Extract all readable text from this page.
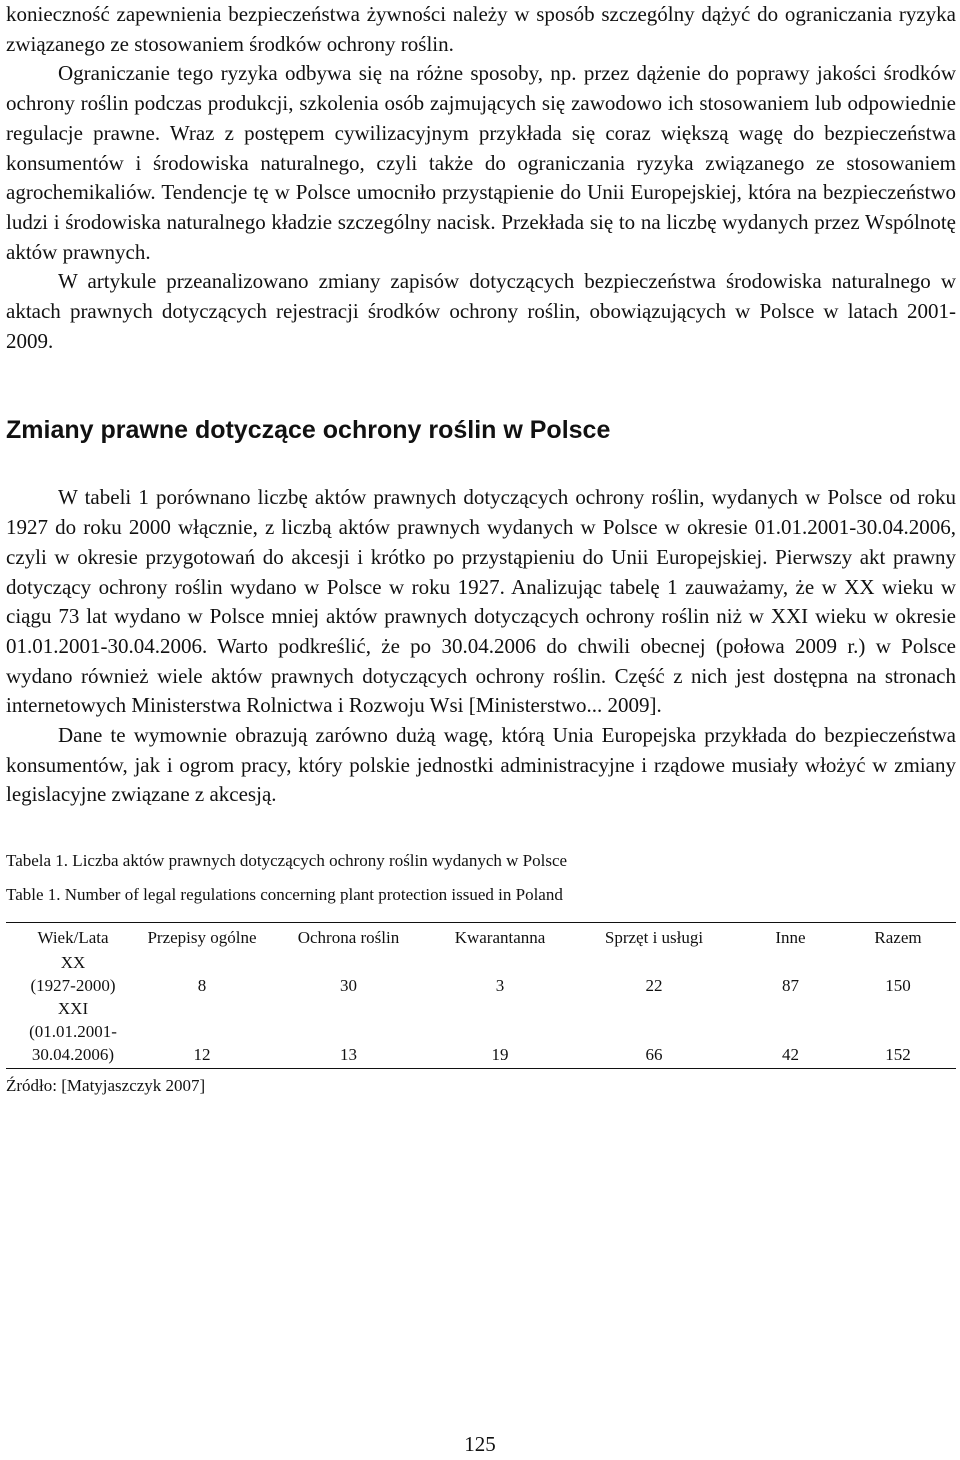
konieczność zapewnienia bezpieczeństwa żywności należy w sposób szczególny dążyć do ograniczania ryzyka związanego ze stosowaniem środków ochrony roślin.

Ograniczanie tego ryzyka odbywa się na różne sposoby, np. przez dążenie do poprawy jakości środków ochrony roślin podczas produkcji, szkolenia osób zajmujących się zawodowo ich stosowaniem lub odpowiednie regulacje prawne. Wraz z postępem cywilizacyjnym przykłada się coraz większą wagę do bezpieczeństwa konsumentów i środowiska naturalnego, czyli także do ograniczania ryzyka związanego ze stosowaniem agrochemikaliów. Tendencje tę w Polsce umocniło przystąpienie do Unii Europejskiej, która na bezpieczeństwo ludzi i środowiska naturalnego kładzie szczególny nacisk. Przekłada się to na liczbę wydanych przez Wspólnotę aktów prawnych.

W artykule przeanalizowano zmiany zapisów dotyczących bezpieczeństwa środowiska naturalnego w aktach prawnych dotyczących rejestracji środków ochrony roślin, obowiązujących w Polsce w latach 2001-2009.

Zmiany prawne dotyczące ochrony roślin w Polsce

W tabeli 1 porównano liczbę aktów prawnych dotyczących ochrony roślin, wydanych w Polsce od roku 1927 do roku 2000 włącznie, z liczbą aktów prawnych wydanych w Polsce w okresie 01.01.2001-30.04.2006, czyli w okresie przygotowań do akcesji i krótko po przystąpieniu do Unii Europejskiej. Pierwszy akt prawny dotyczący ochrony roślin wydano w Polsce w roku 1927. Analizując tabelę 1 zauważamy, że w XX wieku w ciągu 73 lat wydano w Polsce mniej aktów prawnych dotyczących ochrony roślin niż w XXI wieku w okresie 01.01.2001-30.04.2006. Warto podkreślić, że po 30.04.2006 do chwili obecnej (połowa 2009 r.) w Polsce wydano również wiele aktów prawnych dotyczących ochrony roślin. Część z nich jest dostępna na stronach internetowych Ministerstwa Rolnictwa i Rozwoju Wsi [Ministerstwo... 2009].

Dane te wymownie obrazują zarówno dużą wagę, którą Unia Europejska przykłada do bezpieczeństwa konsumentów, jak i ogrom pracy, który polskie jednostki administracyjne i rządowe musiały włożyć w zmiany legislacyjne związane z akcesją.

Tabela 1. Liczba aktów prawnych dotyczących ochrony roślin wydanych w Polsce

Table 1. Number of legal regulations concerning plant protection issued in Poland

Wiek/Lata	Przepisy ogólne	Ochrona roślin	Kwarantanna	Sprzęt i usługi	Inne	Razem

XX
(1927-2000)	8	30	3	22	87	150

XXI
(01.01.2001-
30.04.2006)	12	13	19	66	42	152

Źródło: [Matyjaszczyk 2007]

125
